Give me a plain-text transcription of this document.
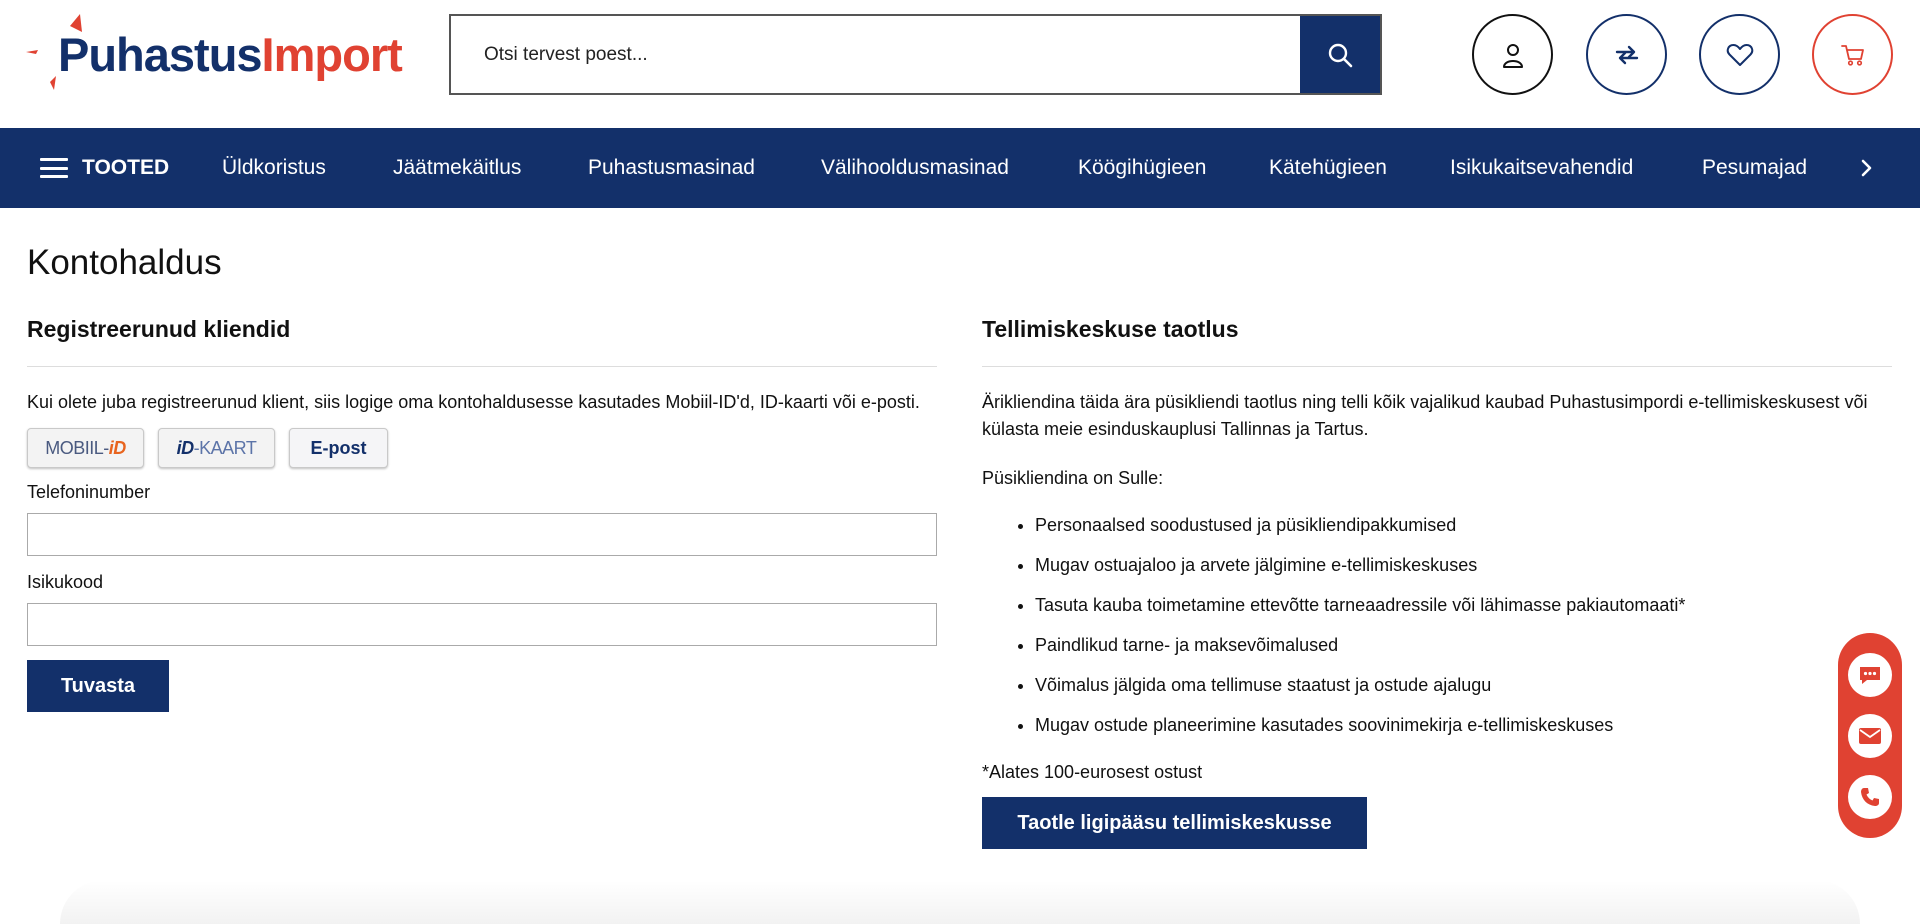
PuhastusImport
Otsi tervest poest...
TOOTED	Üldkoristus	Jäätmekäitlus	Puhastusmasinad	Välihooldusmasinad	Köögihügieen	Kätehügieen	Isikukaitsevahendid	Pesumajad
Kontohaldus
Registreerunud kliendid

Kui olete juba registreerunud klient, siis logige oma kontohaldusesse kasutades Mobiil-ID'd, ID-kaarti või e-posti.

MOBIIL-iD	iD-KAART	E-post
Telefoninumber
Isikukood
Tuvasta
Tellimiskeskuse taotlus

Ärikliendina täida ära püsikliendi taotlus ning telli kõik vajalikud kaubad Puhastusimpordi e-tellimiskeskusest või külasta meie esinduskauplusi Tallinnas ja Tartus.

Püsikliendina on Sulle:

• Personaalsed soodustused ja püsikliendipakkumised
• Mugav ostuajaloo ja arvete jälgimine e-tellimiskeskuses
• Tasuta kauba toimetamine ettevõtte tarneaadressile või lähimasse pakiautomaati*
• Paindlikud tarne- ja maksevõimalused
• Võimalus jälgida oma tellimuse staatust ja ostude ajalugu
• Mugav ostude planeerimine kasutades soovinimekirja e-tellimiskeskuses

*Alates 100-eurosest ostust

Taotle ligipääsu tellimiskeskusse
